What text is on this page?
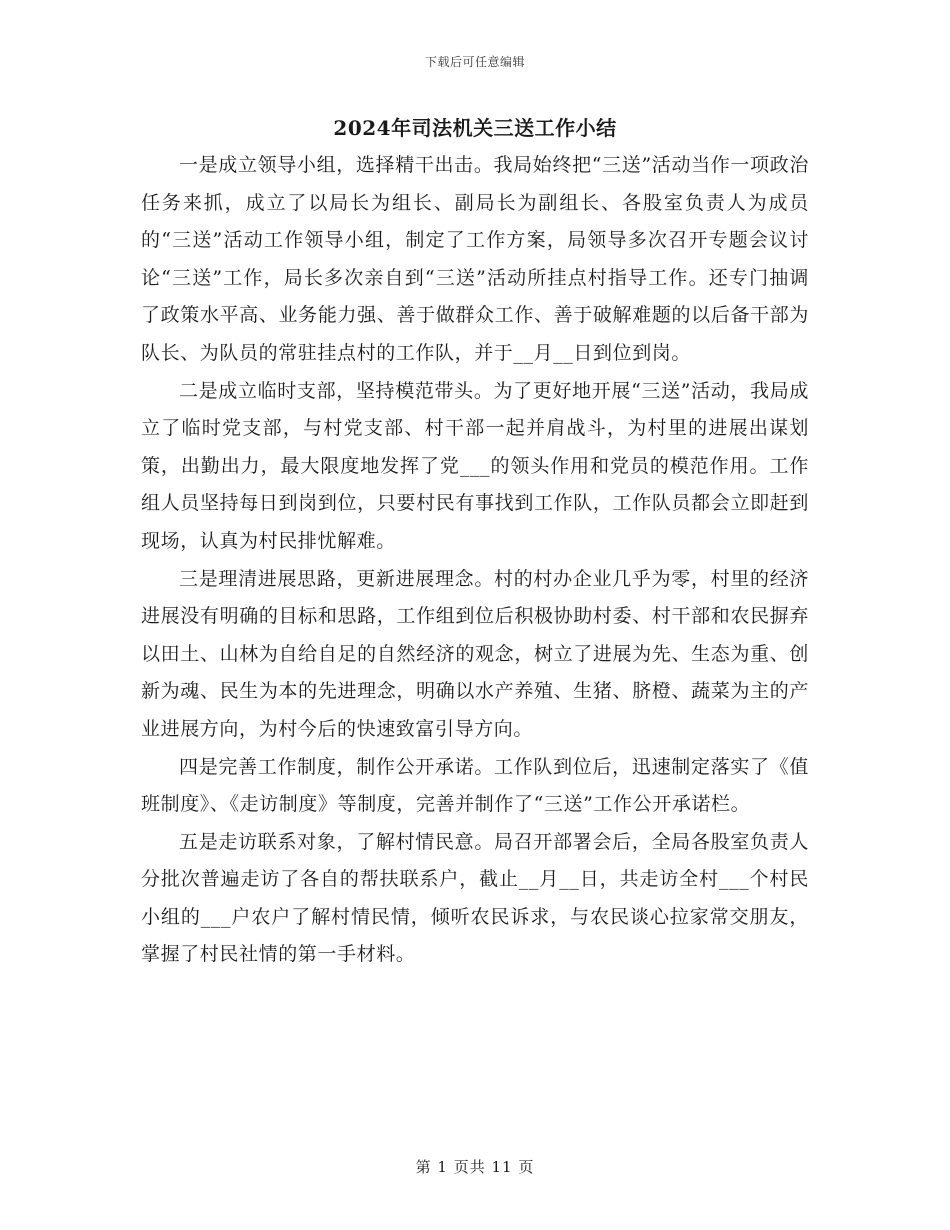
下载后可任意编辑
2024年司法机关三送工作小结

一是成立领导小组，选择精干出击。我局始终把“三送”活动当作一项政治任务来抓，成立了以局长为组长、副局长为副组长、各股室负责人为成员的“三送”活动工作领导小组，制定了工作方案，局领导多次召开专题会议讨论“三送”工作，局长多次亲自到“三送”活动所挂点村指导工作。还专门抽调了政策水平高、业务能力强、善于做群众工作、善于破解难题的以后备干部为队长、为队员的常驻挂点村的工作队，并于__月__日到位到岗。

二是成立临时支部，坚持模范带头。为了更好地开展“三送”活动，我局成立了临时党支部，与村党支部、村干部一起并肩战斗，为村里的进展出谋划策，出勤出力，最大限度地发挥了党___的领头作用和党员的模范作用。工作组人员坚持每日到岗到位，只要村民有事找到工作队，工作队员都会立即赶到现场，认真为村民排忧解难。

三是理清进展思路，更新进展理念。村的村办企业几乎为零，村里的经济进展没有明确的目标和思路，工作组到位后积极协助村委、村干部和农民摒弃以田土、山林为自给自足的自然经济的观念，树立了进展为先、生态为重、创新为魂、民生为本的先进理念，明确以水产养殖、生猪、脐橙、蔬菜为主的产业进展方向，为村今后的快速致富引导方向。

四是完善工作制度，制作公开承诺。工作队到位后，迅速制定落实了《值班制度》、《走访制度》等制度，完善并制作了“三送”工作公开承诺栏。

五是走访联系对象，了解村情民意。局召开部署会后，全局各股室负责人分批次普遍走访了各自的帮扶联系户，截止__月__日，共走访全村___个村民小组的___户农户了解村情民情，倾听农民诉求，与农民谈心拉家常交朋友，掌握了村民社情的第一手材料。

第 1 页共 11 页
